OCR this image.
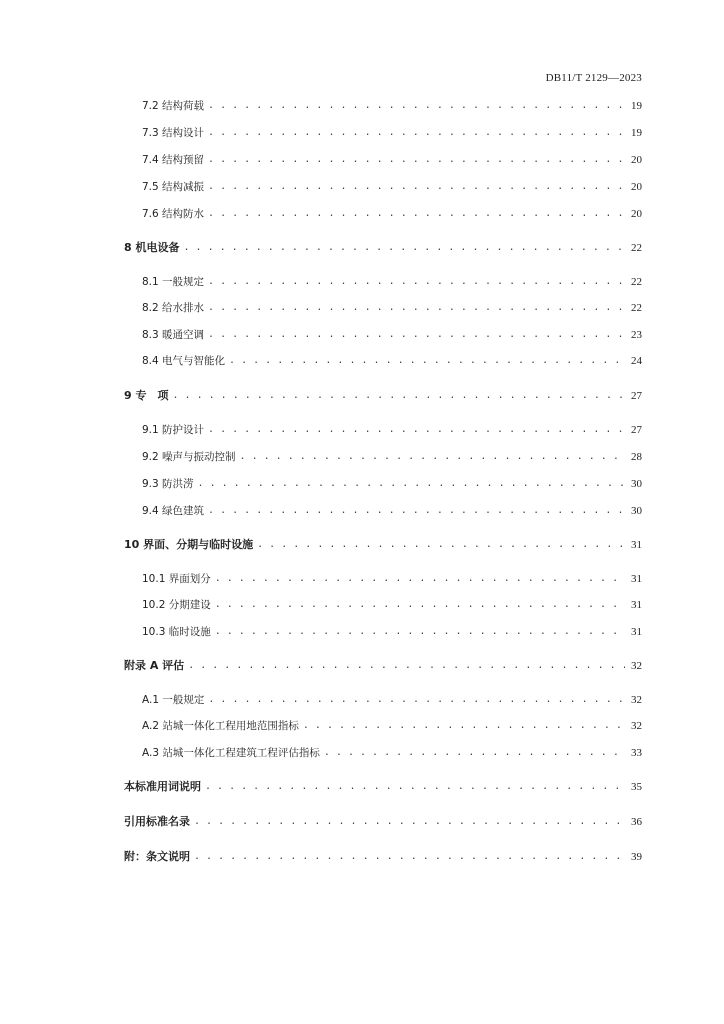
DB11/T 2129—2023
7.2 结构荷载 . . .	19
7.3 结构设计 . . .	19
7.4 结构预留 . . .	20
7.5 结构减振 . . .	20
7.6 结构防水 . . .	20
8 机电设备 . . .	22
8.1 一般规定 . . .	22
8.2 给水排水 . . .	22
8.3 暖通空调 . . .	23
8.4 电气与智能化 . . .	24
9 专　项 . . .	27
9.1 防护设计 . . .	27
9.2 噪声与振动控制 . . .	28
9.3 防洪涝 . . .	30
9.4 绿色建筑 . . .	30
10 界面、分期与临时设施 . . .	31
10.1 界面划分 . . .	31
10.2 分期建设 . . .	31
10.3 临时设施 . . .	31
附录 A 评估 . . .	32
A.1 一般规定 . . .	32
A.2 站城一体化工程用地范围指标 . . .	32
A.3 站城一体化工程建筑工程评估指标 . . .	33
本标准用词说明 . . .	35
引用标准名录 . . .	36
附：条文说明 . . .	39
